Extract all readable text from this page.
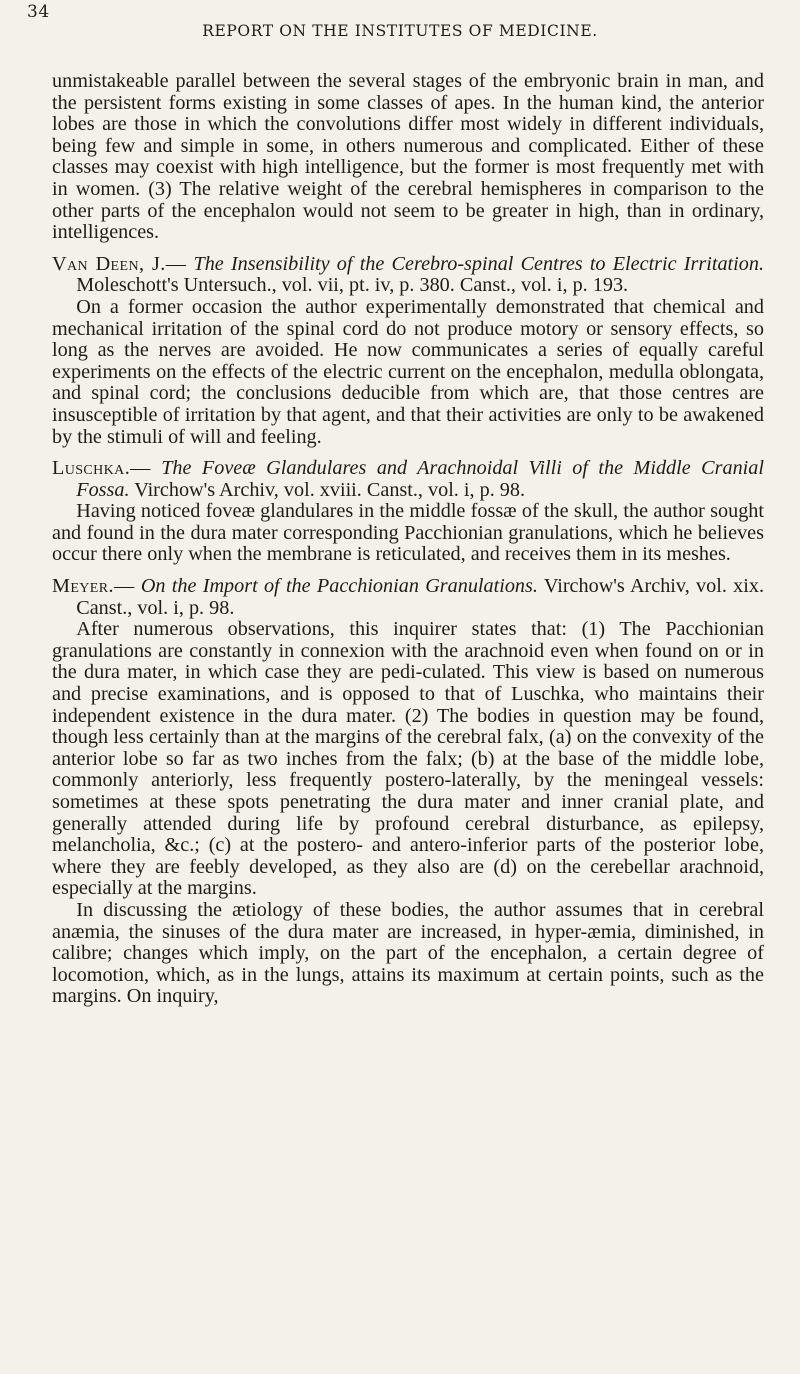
34
REPORT ON THE INSTITUTES OF MEDICINE.

unmistakeable parallel between the several stages of the embryonic brain in man, and the persistent forms existing in some classes of apes. In the human kind, the anterior lobes are those in which the convolutions differ most widely in different individuals, being few and simple in some, in others numerous and complicated. Either of these classes may coexist with high intelligence, but the former is most frequently met with in women. (3) The relative weight of the cerebral hemispheres in comparison to the other parts of the encephalon would not seem to be greater in high, than in ordinary, intelligences.

Van Deen, J.— The Insensibility of the Cerebro-spinal Centres to Electric Irritation. Moleschott's Untersuch., vol. vii, pt. iv, p. 380. Canst., vol. i, p. 193.

On a former occasion the author experimentally demonstrated that chemical and mechanical irritation of the spinal cord do not produce motory or sensory effects, so long as the nerves are avoided. He now communicates a series of equally careful experiments on the effects of the electric current on the encephalon, medulla oblongata, and spinal cord; the conclusions deducible from which are, that those centres are insusceptible of irritation by that agent, and that their activities are only to be awakened by the stimuli of will and feeling.

Luschka.— The Foveæ Glandulares and Arachnoidal Villi of the Middle Cranial Fossa. Virchow's Archiv, vol. xviii. Canst., vol. i, p. 98.

Having noticed foveæ glandulares in the middle fossæ of the skull, the author sought and found in the dura mater corresponding Pacchionian granulations, which he believes occur there only when the membrane is reticulated, and receives them in its meshes.

Meyer.— On the Import of the Pacchionian Granulations. Virchow's Archiv, vol. xix. Canst., vol. i, p. 98.

After numerous observations, this inquirer states that: (1) The Pacchionian granulations are constantly in connexion with the arachnoid even when found on or in the dura mater, in which case they are pedi-culated. This view is based on numerous and precise examinations, and is opposed to that of Luschka, who maintains their independent existence in the dura mater. (2) The bodies in question may be found, though less certainly than at the margins of the cerebral falx, (a) on the convexity of the anterior lobe so far as two inches from the falx; (b) at the base of the middle lobe, commonly anteriorly, less frequently postero-laterally, by the meningeal vessels: sometimes at these spots penetrating the dura mater and inner cranial plate, and generally attended during life by profound cerebral disturbance, as epilepsy, melancholia, &c.; (c) at the postero- and antero-inferior parts of the posterior lobe, where they are feebly developed, as they also are (d) on the cerebellar arachnoid, especially at the margins.

In discussing the ætiology of these bodies, the author assumes that in cerebral anæmia, the sinuses of the dura mater are increased, in hyper-æmia, diminished, in calibre; changes which imply, on the part of the encephalon, a certain degree of locomotion, which, as in the lungs, attains its maximum at certain points, such as the margins. On inquiry,
